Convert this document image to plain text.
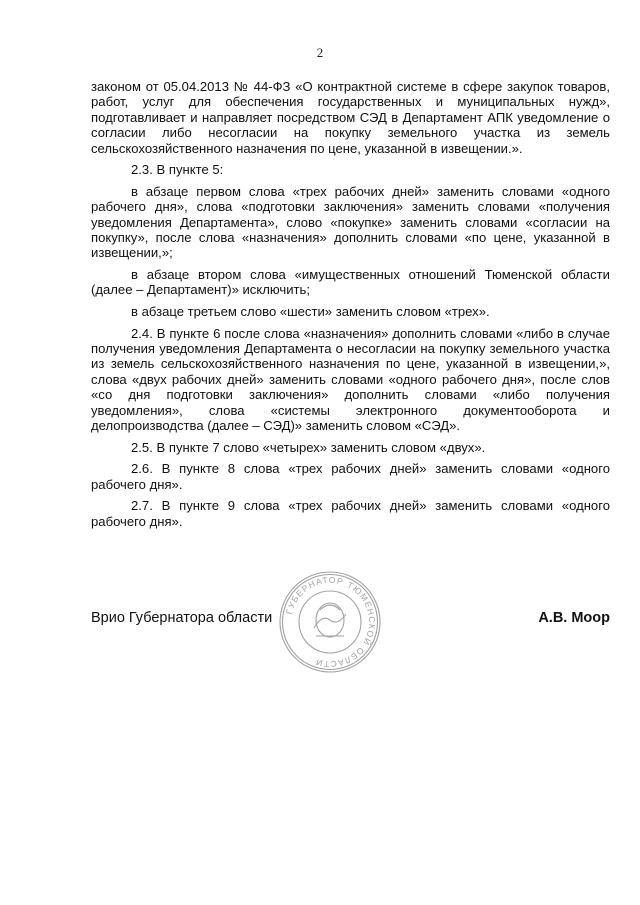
2

законом от 05.04.2013 № 44-ФЗ «О контрактной системе в сфере закупок товаров, работ, услуг для обеспечения государственных и муниципальных нужд», подготавливает и направляет посредством СЭД в Департамент АПК уведомление о согласии либо несогласии на покупку земельного участка из земель сельскохозяйственного назначения по цене, указанной в извещении.».

2.3. В пункте 5:

в абзаце первом слова «трех рабочих дней» заменить словами «одного рабочего дня», слова «подготовки заключения» заменить словами «получения уведомления Департамента», слово «покупке» заменить словами «согласии на покупку», после слова «назначения» дополнить словами «по цене, указанной в извещении,»;

в абзаце втором слова «имущественных отношений Тюменской области (далее – Департамент)» исключить;

в абзаце третьем слово «шести» заменить словом «трех».

2.4. В пункте 6 после слова «назначения» дополнить словами «либо в случае получения уведомления Департамента о несогласии на покупку земельного участка из земель сельскохозяйственного назначения по цене, указанной в извещении,», слова «двух рабочих дней» заменить словами «одного рабочего дня», после слов «со дня подготовки заключения» дополнить словами «либо получения уведомления», слова «системы электронного документооборота и делопроизводства (далее – СЭД)» заменить словом «СЭД».

2.5. В пункте 7 слово «четырех» заменить словом «двух».

2.6. В пункте 8 слова «трех рабочих дней» заменить словами «одного рабочего дня».

2.7. В пункте 9 слова «трех рабочих дней» заменить словами «одного рабочего дня».

Врио Губернатора области	А.В. Моор
ГУБЕРНАТОР ТЮМЕНСКОЙ ОБЛАСТИ
